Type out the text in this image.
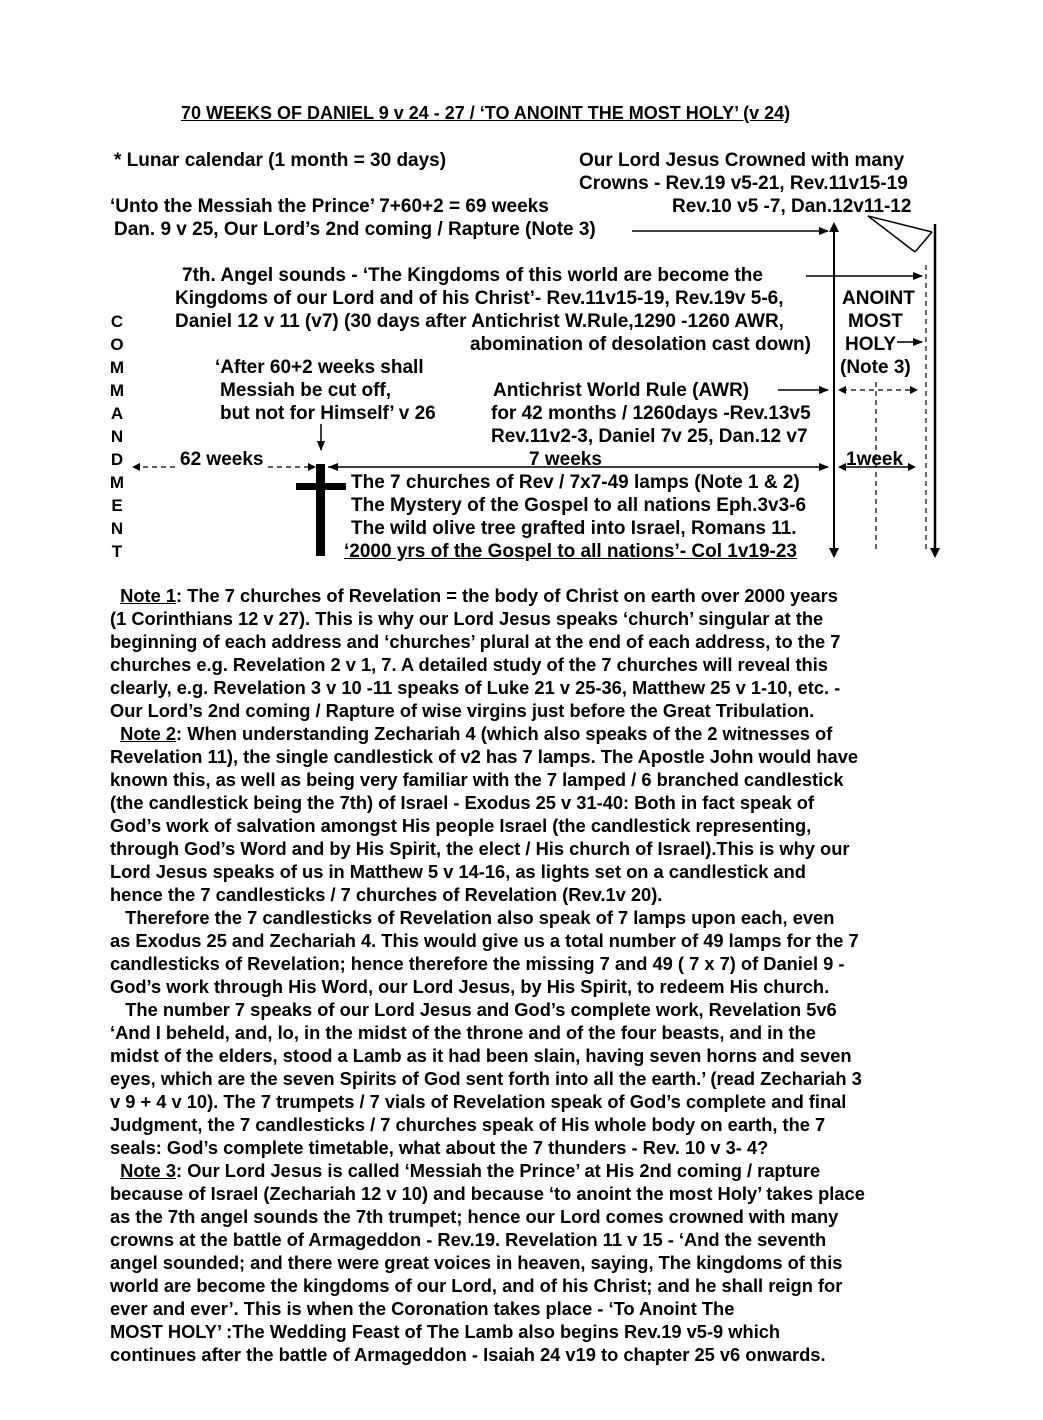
70 WEEKS OF DANIEL 9 v 24 - 27 / ‘TO ANOINT THE MOST HOLY’ (v 24)
* Lunar calendar (1 month = 30 days)	Our Lord Jesus Crowned with many
Crowns - Rev.19 v5-21, Rev.11v15-19
Rev.10 v5 -7, Dan.12v11-12
‘Unto the Messiah the Prince’ 7+60+2 = 69 weeks
Dan. 9 v 25, Our Lord’s 2nd coming / Rapture (Note 3)
7th. Angel sounds - ‘The Kingdoms of this world are become the
Kingdoms of our Lord and of his Christ’- Rev.11v15-19, Rev.19v 5-6,
Daniel 12 v 11 (v7) (30 days after Antichrist W.Rule,1290 -1260 AWR,
abomination of desolation cast down)
ANOINT
MOST
HOLY
(Note 3)
C
O
M
M
A
N
D
M
E
N
T
‘After 60+2 weeks shall
Messiah be cut off,
but not for Himself’ v 26
Antichrist World Rule (AWR)
for 42 months / 1260days -Rev.13v5
Rev.11v2-3, Daniel 7v 25, Dan.12 v7
62 weeks	7 weeks	1week
The 7 churches of Rev / 7x7-49 lamps (Note 1 & 2)
The Mystery of the Gospel to all nations Eph.3v3-6
The wild olive tree grafted into Israel, Romans 11.
‘2000 yrs of the Gospel to all nations’- Col 1v19-23
Note 1: The 7 churches of Revelation = the body of Christ on earth over 2000 years
(1 Corinthians 12 v 27). This is why our Lord Jesus speaks ‘church’ singular at the
beginning of each address and ‘churches’ plural at the end of each address, to the 7
churches e.g. Revelation 2 v 1, 7. A detailed study of the 7 churches will reveal this
clearly, e.g. Revelation 3 v 10 -11 speaks of Luke 21 v 25-36, Matthew 25 v 1-10, etc. -
Our Lord’s 2nd coming / Rapture of wise virgins just before the Great Tribulation.
Note 2: When understanding Zechariah 4 (which also speaks of the 2 witnesses of
Revelation 11), the single candlestick of v2 has 7 lamps. The Apostle John would have
known this, as well as being very familiar with the 7 lamped / 6 branched candlestick
(the candlestick being the 7th) of Israel - Exodus 25 v 31-40: Both in fact speak of
God’s work of salvation amongst His people Israel (the candlestick representing,
through God’s Word and by His Spirit, the elect / His church of Israel).This is why our
Lord Jesus speaks of us in Matthew 5 v 14-16, as lights set on a candlestick and
hence the 7 candlesticks / 7 churches of Revelation (Rev.1v 20).
Therefore the 7 candlesticks of Revelation also speak of 7 lamps upon each, even
as Exodus 25 and Zechariah 4. This would give us a total number of 49 lamps for the 7
candlesticks of Revelation; hence therefore the missing 7 and 49 ( 7 x 7) of Daniel 9 -
God’s work through His Word, our Lord Jesus, by His Spirit, to redeem His church.
The number 7 speaks of our Lord Jesus and God’s complete work, Revelation 5v6
‘And I beheld, and, lo, in the midst of the throne and of the four beasts, and in the
midst of the elders, stood a Lamb as it had been slain, having seven horns and seven
eyes, which are the seven Spirits of God sent forth into all the earth.’ (read Zechariah 3
v 9 + 4 v 10). The 7 trumpets / 7 vials of Revelation speak of God’s complete and final
Judgment, the 7 candlesticks / 7 churches speak of His whole body on earth, the 7
seals: God’s complete timetable, what about the 7 thunders - Rev. 10 v 3- 4?
Note 3: Our Lord Jesus is called ‘Messiah the Prince’ at His 2nd coming / rapture
because of Israel (Zechariah 12 v 10) and because ‘to anoint the most Holy’ takes place
as the 7th angel sounds the 7th trumpet; hence our Lord comes crowned with many
crowns at the battle of Armageddon - Rev.19. Revelation 11 v 15 - ‘And the seventh
angel sounded; and there were great voices in heaven, saying, The kingdoms of this
world are become the kingdoms of our Lord, and of his Christ; and he shall reign for
ever and ever’. This is when the Coronation takes place - ‘To Anoint The
MOST HOLY’ :The Wedding Feast of The Lamb also begins Rev.19 v5-9 which
continues after the battle of Armageddon - Isaiah 24 v19 to chapter 25 v6 onwards.
